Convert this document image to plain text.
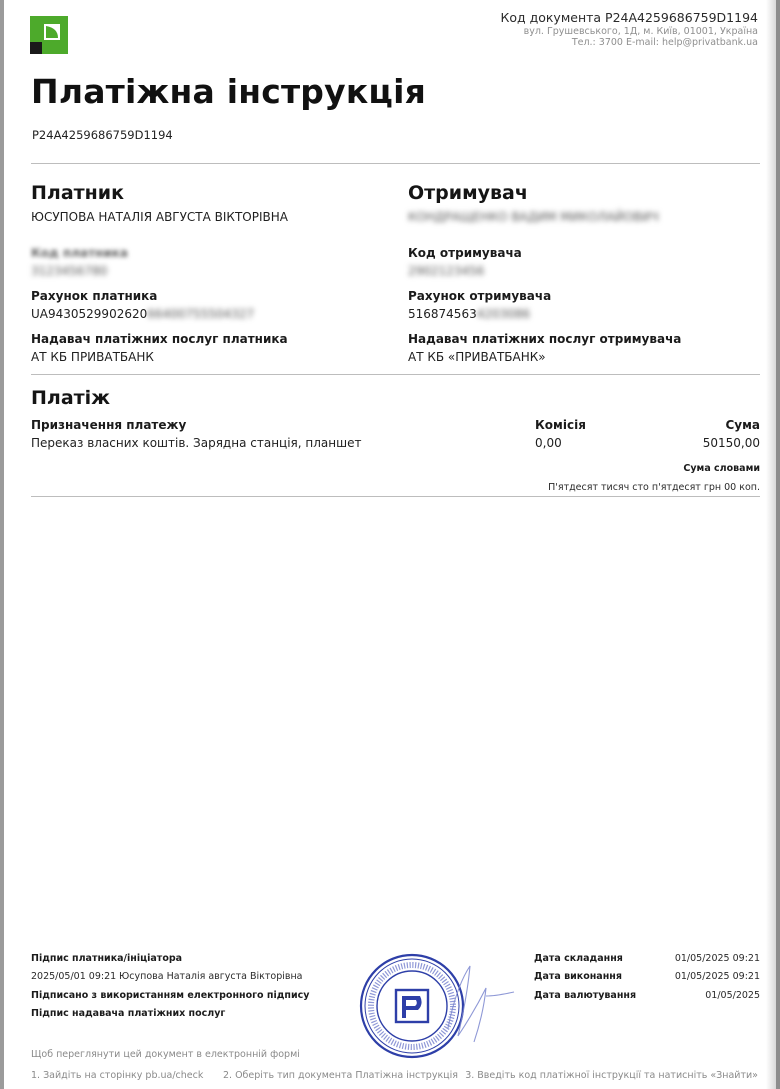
Код документа P24A4259686759D1194
вул. Грушевського, 1Д, м. Київ, 01001, Україна
Тел.: 3700 E-mail: help@privatbank.ua
Платіжна інструкція
P24A4259686759D1194
Платник
ЮСУПОВА НАТАЛІЯ АВГУСТА ВІКТОРІВНА
Код платника
3123456780
Рахунок платника
UA943052990262066400755504327
Надавач платіжних послуг платника
АТ КБ ПРИВАТБАНК
Отримувач
КОНДРАЩЕНКО ВАДИМ МИКОЛАЙОВИЧ
Код отримувача
2902123456
Рахунок отримувача
5168745634203086
Надавач платіжних послуг отримувача
АТ КБ «ПРИВАТБАНК»
Платіж
Призначення платежу
Переказ власних коштів. Зарядна станція, планшет
Комісія
0,00
Сума
50150,00
Сума словами
П'ятдесят тисяч сто п'ятдесят грн 00 коп.
Підпис платника/ініціатора
2025/05/01 09:21 Юсупова Наталія августа Вікторівна
Підписано з використанням електронного підпису
Підпис надавача платіжних послуг
Дата складання	01/05/2025 09:21
Дата виконання	01/05/2025 09:21
Дата валютування	01/05/2025
Щоб переглянути цей документ в електронній формі
1. Зайдіть на сторінку pb.ua/check 2. Оберіть тип документа Платіжна інструкція 3. Введіть код платіжної інструкції та натисніть «Знайти»
